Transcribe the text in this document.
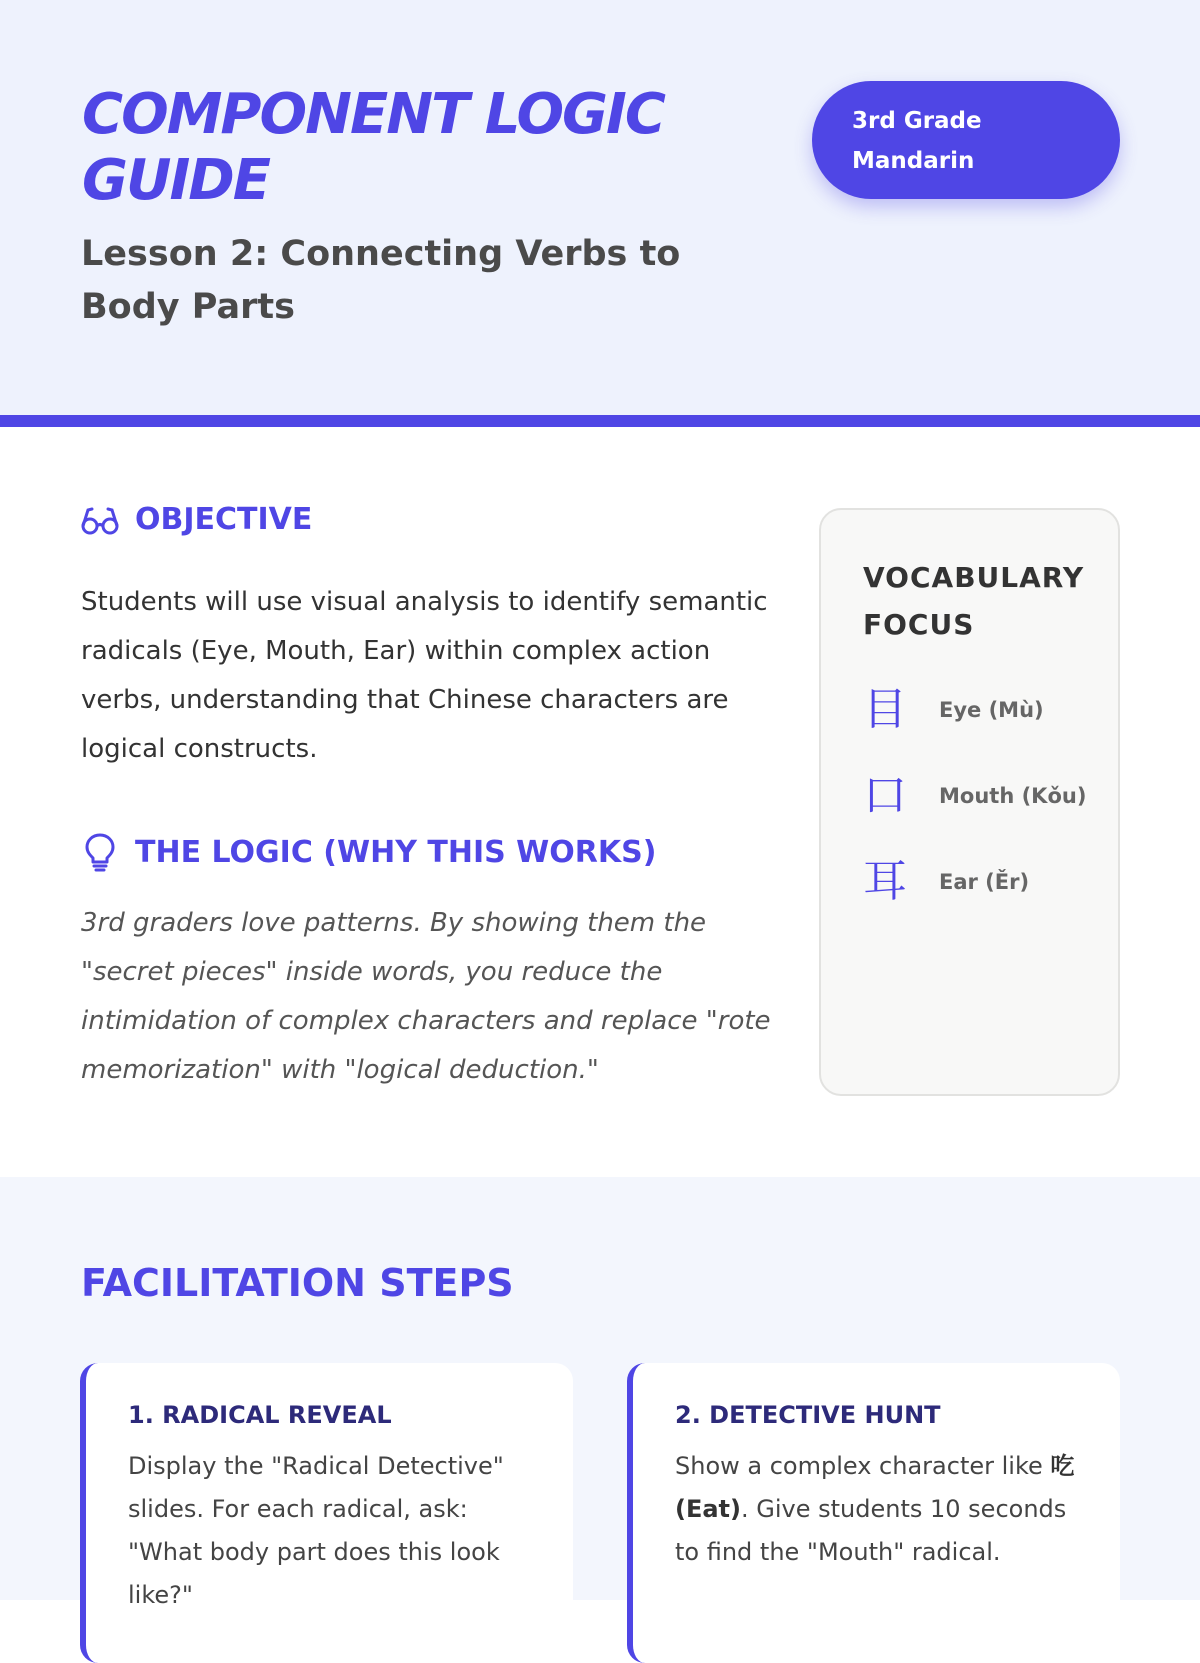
COMPONENT LOGIC GUIDE
Lesson 2: Connecting Verbs to Body Parts
3rd Grade Mandarin
OBJECTIVE
Students will use visual analysis to identify semantic radicals (Eye, Mouth, Ear) within complex action verbs, understanding that Chinese characters are logical constructs.
THE LOGIC (WHY THIS WORKS)
3rd graders love patterns. By showing them the "secret pieces" inside words, you reduce the intimidation of complex characters and replace "rote memorization" with "logical deduction."
VOCABULARY FOCUS
目	Eye (Mù)
口	Mouth (Kǒu)
耳	Ear (Ěr)
FACILITATION STEPS
1. RADICAL REVEAL
Display the "Radical Detective" slides. For each radical, ask: "What body part does this look like?"
2. DETECTIVE HUNT
Show a complex character like 吃 (Eat). Give students 10 seconds to find the "Mouth" radical.
